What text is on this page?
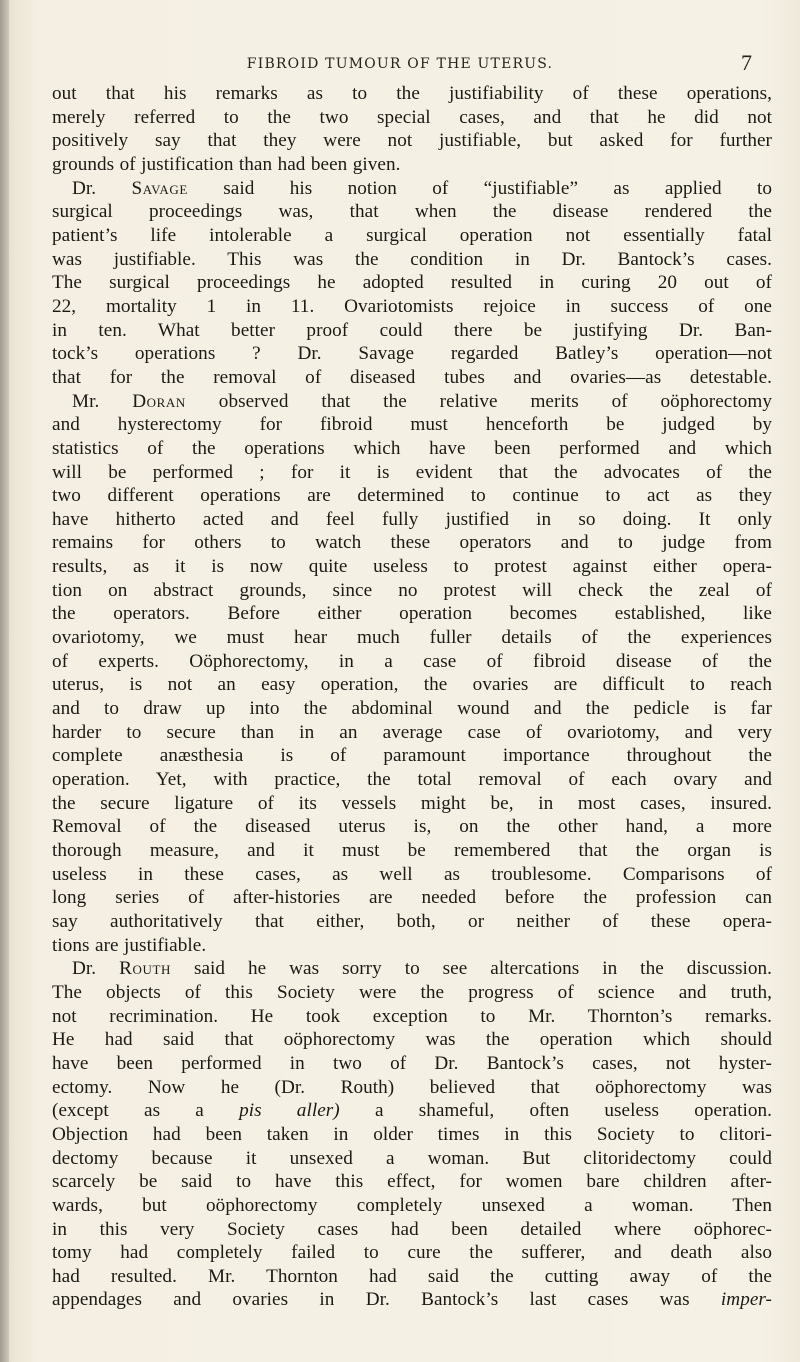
FIBROID TUMOUR OF THE UTERUS.	7
out that his remarks as to the justifiability of these operations,
merely referred to the two special cases, and that he did not
positively say that they were not justifiable, but asked for further
grounds of justification than had been given.
Dr. Savage said his notion of “justifiable” as applied to
surgical proceedings was, that when the disease rendered the
patient’s life intolerable a surgical operation not essentially fatal
was justifiable. This was the condition in Dr. Bantock’s cases.
The surgical proceedings he adopted resulted in curing 20 out of
22, mortality 1 in 11. Ovariotomists rejoice in success of one
in ten. What better proof could there be justifying Dr. Ban-
tock’s operations ? Dr. Savage regarded Batley’s operation—not
that for the removal of diseased tubes and ovaries—as detestable.
Mr. Doran observed that the relative merits of oöphorectomy
and hysterectomy for fibroid must henceforth be judged by
statistics of the operations which have been performed and which
will be performed ; for it is evident that the advocates of the
two different operations are determined to continue to act as they
have hitherto acted and feel fully justified in so doing. It only
remains for others to watch these operators and to judge from
results, as it is now quite useless to protest against either opera-
tion on abstract grounds, since no protest will check the zeal of
the operators. Before either operation becomes established, like
ovariotomy, we must hear much fuller details of the experiences
of experts. Oöphorectomy, in a case of fibroid disease of the
uterus, is not an easy operation, the ovaries are difficult to reach
and to draw up into the abdominal wound and the pedicle is far
harder to secure than in an average case of ovariotomy, and very
complete anæsthesia is of paramount importance throughout the
operation. Yet, with practice, the total removal of each ovary and
the secure ligature of its vessels might be, in most cases, insured.
Removal of the diseased uterus is, on the other hand, a more
thorough measure, and it must be remembered that the organ is
useless in these cases, as well as troublesome. Comparisons of
long series of after-histories are needed before the profession can
say authoritatively that either, both, or neither of these opera-
tions are justifiable.
Dr. Routh said he was sorry to see altercations in the discussion.
The objects of this Society were the progress of science and truth,
not recrimination. He took exception to Mr. Thornton’s remarks.
He had said that oöphorectomy was the operation which should
have been performed in two of Dr. Bantock’s cases, not hyster-
ectomy. Now he (Dr. Routh) believed that oöphorectomy was
(except as a pis aller) a shameful, often useless operation.
Objection had been taken in older times in this Society to clitori-
dectomy because it unsexed a woman. But clitoridectomy could
scarcely be said to have this effect, for women bare children after-
wards, but oöphorectomy completely unsexed a woman. Then
in this very Society cases had been detailed where oöphorec-
tomy had completely failed to cure the sufferer, and death also
had resulted. Mr. Thornton had said the cutting away of the
appendages and ovaries in Dr. Bantock’s last cases was imper-
